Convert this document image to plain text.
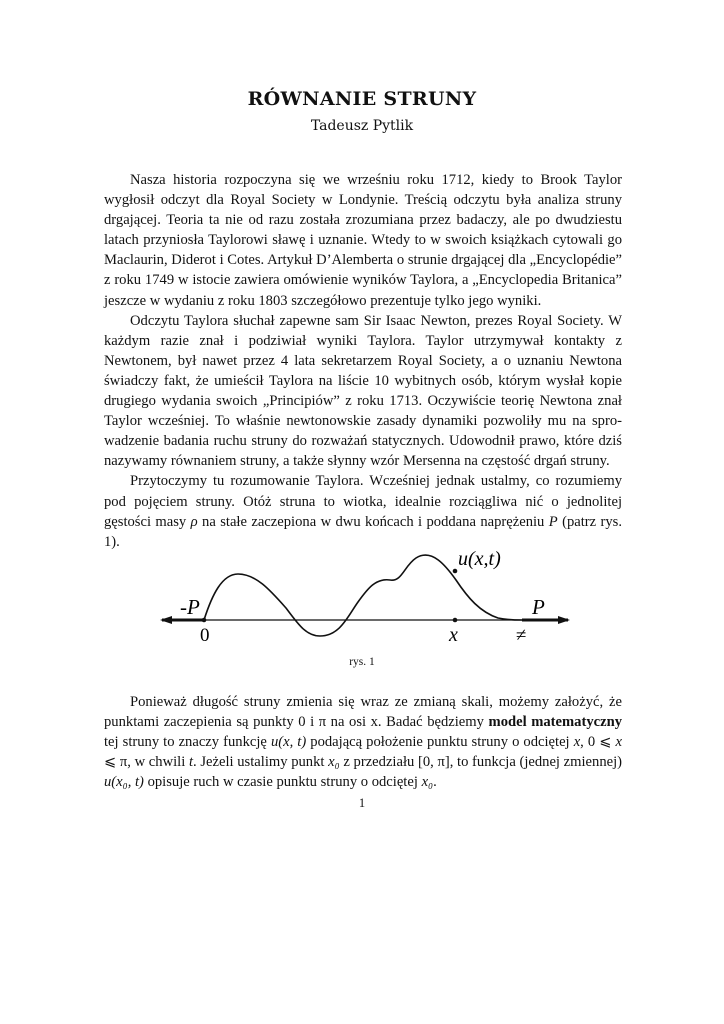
RÓWNANIE STRUNY
Tadeusz Pytlik

Nasza historia rozpoczyna się we wrześniu roku 1712, kiedy to Brook Taylor wygłosił odczyt dla Royal Society w Londynie. Treścią odczytu była analiza struny drgającej. Teoria ta nie od razu została zrozumiana przez badaczy, ale po dwudziestu latach przyniosła Taylorowi sławę i uznanie. Wtedy to w swoich książkach cytowali go Maclaurin, Diderot i Cotes. Artykuł D’Alemberta o strunie drgającej dla „Encyclopédie” z roku 1749 w istocie zawiera omówienie wyników Taylora, a „Encyclopedia Britanica” jeszcze w wydaniu z roku 1803 szczegółowo prezentuje tylko jego wyniki.

Odczytu Taylora słuchał zapewne sam Sir Isaac Newton, prezes Royal Society. W każdym razie znał i podziwiał wyniki Taylora. Taylor utrzymywał kontakty z Newtonem, był nawet przez 4 lata sekretarzem Royal Society, a o uznaniu Newtona świadczy fakt, że umieścił Taylora na liście 10 wybitnych osób, którym wysłał kopie drugiego wydania swoich „Principiów” z roku 1713. Oczywiście teorię Newtona znał Taylor wcześniej. To właśnie newtonowskie zasady dynamiki pozwoliły mu na sprowadzenie badania ruchu struny do rozważań statycznych. Udowodnił prawo, które dziś nazywamy równaniem struny, a także słynny wzór Mersenna na częstość drgań struny.

Przytoczymy tu rozumowanie Taylora. Wcześniej jednak ustalmy, co rozumiemy pod pojęciem struny. Otóż struna to wiotka, idealnie rozciągliwa nić o jednolitej gęstości masy ρ na stałe zaczepiona w dwu końcach i poddana naprężeniu P (patrz rys. 1).

-P	P
0	x	≠
u(x,t)
rys. 1

Ponieważ długość struny zmienia się wraz ze zmianą skali, możemy założyć, że punktami zaczepienia są punkty 0 i π na osi x. Badać będziemy model matematyczny tej struny to znaczy funkcję u(x, t) podającą położenie punktu struny o odciętej x, 0 ⩽ x ⩽ π, w chwili t. Jeżeli ustalimy punkt x₀ z przedziału [0, π], to funkcja (jednej zmiennej) u(x₀, t) opisuje ruch w czasie punktu struny o odciętej x₀.

1
